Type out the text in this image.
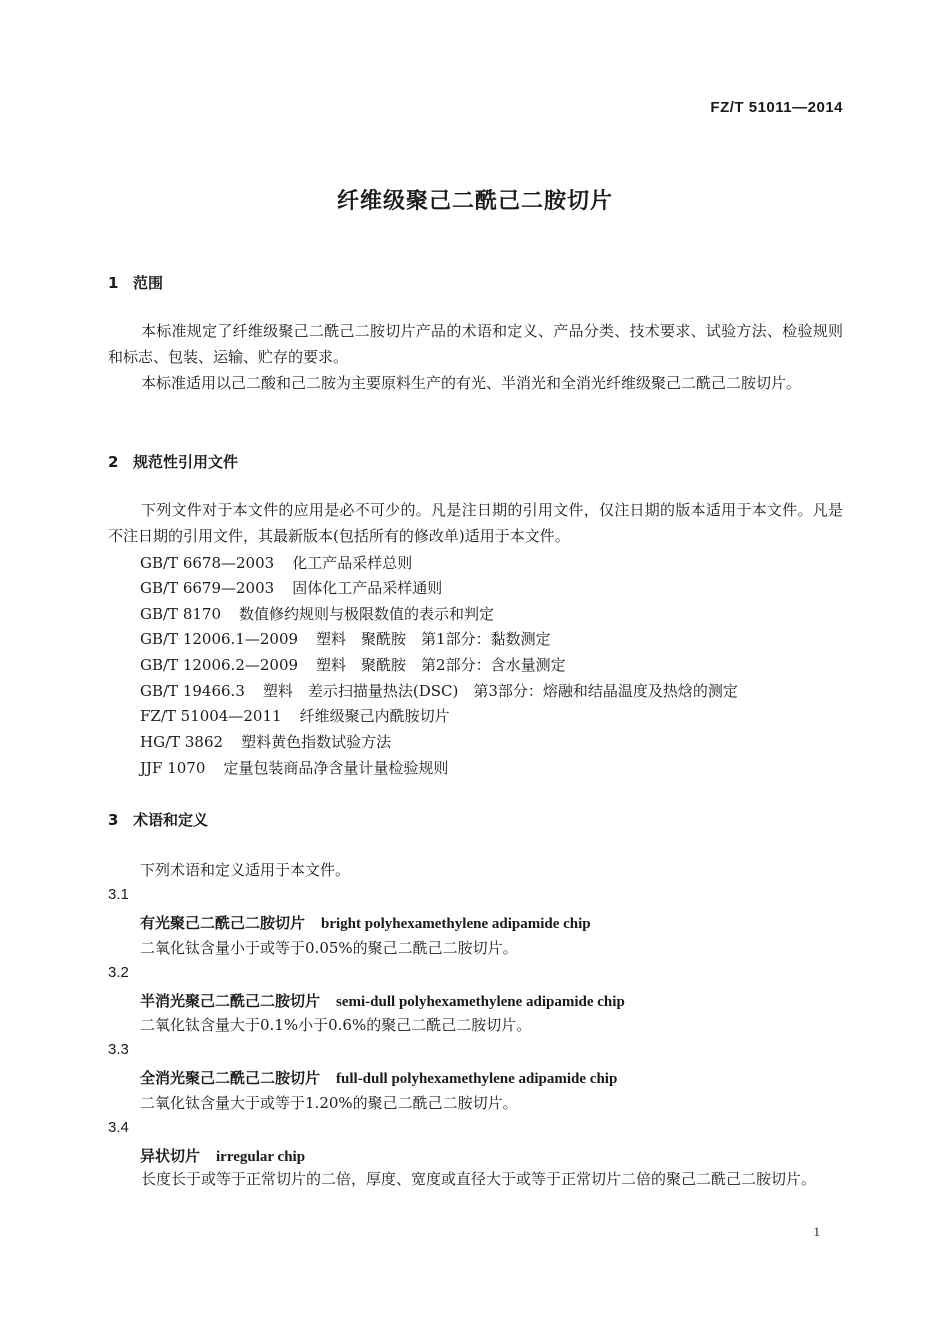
FZ/T 51011—2014
纤维级聚己二酰己二胺切片
1 范围

本标准规定了纤维级聚己二酰己二胺切片产品的术语和定义、产品分类、技术要求、试验方法、检验规则和标志、包装、运输、贮存的要求。

本标准适用以己二酸和己二胺为主要原料生产的有光、半消光和全消光纤维级聚己二酰己二胺切片。

2 规范性引用文件

下列文件对于本文件的应用是必不可少的。凡是注日期的引用文件，仅注日期的版本适用于本文件。凡是不注日期的引用文件，其最新版本(包括所有的修改单)适用于本文件。

GB/T 6678—2003 化工产品采样总则
GB/T 6679—2003 固体化工产品采样通则
GB/T 8170 数值修约规则与极限数值的表示和判定
GB/T 12006.1—2009 塑料　聚酰胺　第1部分：黏数测定
GB/T 12006.2—2009 塑料　聚酰胺　第2部分：含水量测定
GB/T 19466.3 塑料　差示扫描量热法(DSC)　第3部分：熔融和结晶温度及热焓的测定
FZ/T 51004—2011 纤维级聚己内酰胺切片
HG/T 3862 塑料黄色指数试验方法
JJF 1070 定量包装商品净含量计量检验规则
3 术语和定义
下列术语和定义适用于本文件。
3.1
有光聚己二酰己二胺切片 bright polyhexamethylene adipamide chip
二氧化钛含量小于或等于0.05%的聚己二酰己二胺切片。
3.2
半消光聚己二酰己二胺切片 semi-dull polyhexamethylene adipamide chip
二氧化钛含量大于0.1%小于0.6%的聚己二酰己二胺切片。
3.3
全消光聚己二酰己二胺切片 full-dull polyhexamethylene adipamide chip
二氧化钛含量大于或等于1.20%的聚己二酰己二胺切片。
3.4
异状切片 irregular chip

长度长于或等于正常切片的二倍，厚度、宽度或直径大于或等于正常切片二倍的聚己二酰己二胺切片。

1
